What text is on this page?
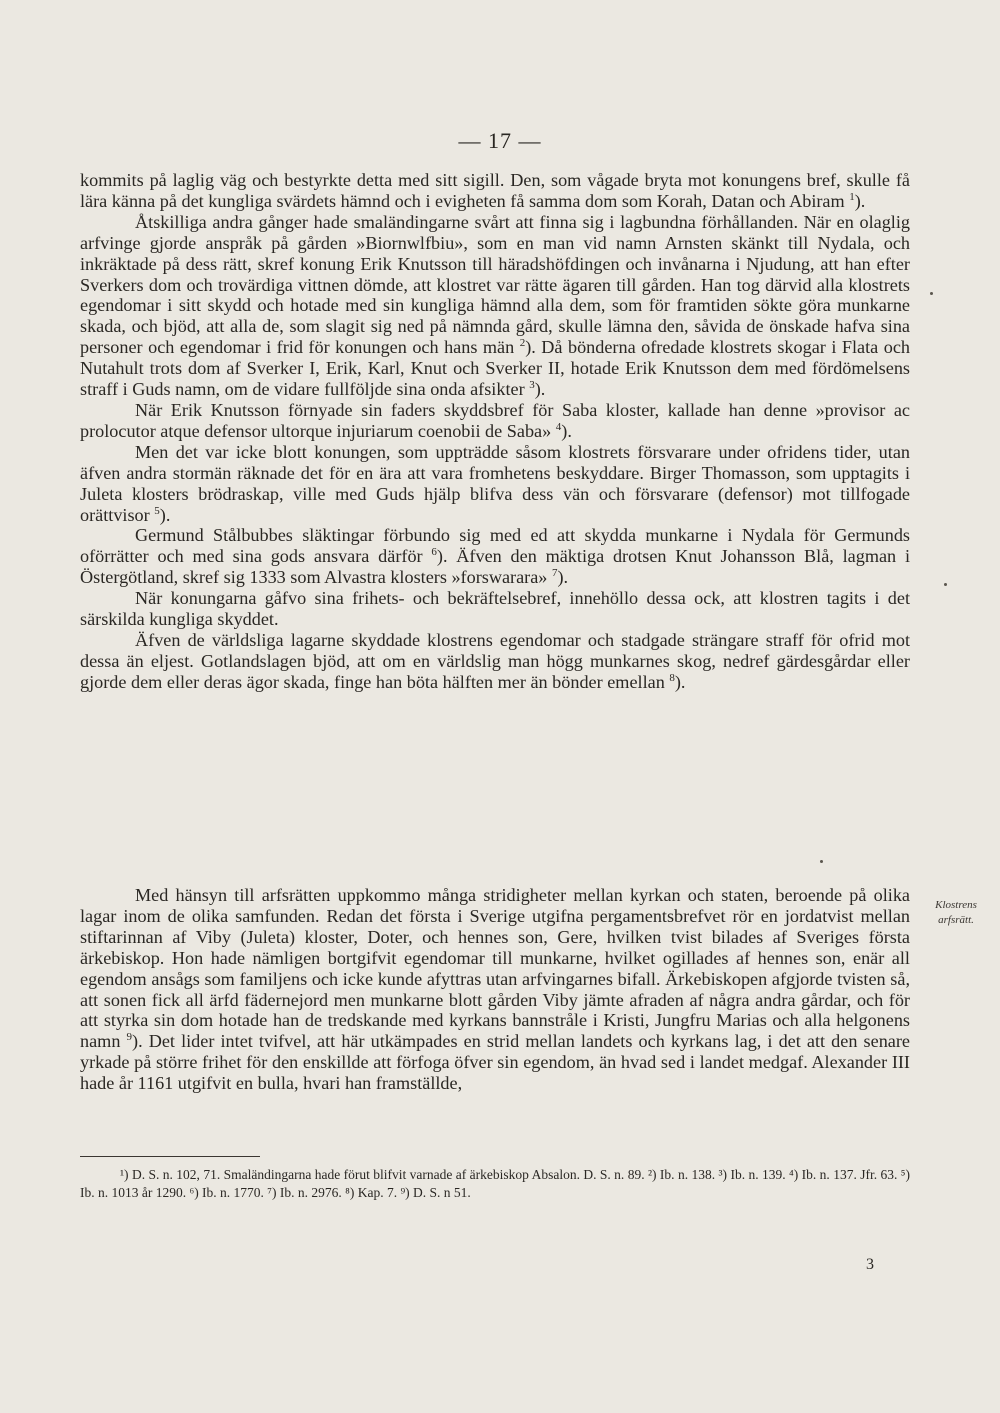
— 17 —

kommits på laglig väg och bestyrkte detta med sitt sigill. Den, som vågade bryta mot konungens bref, skulle få lära känna på det kungliga svärdets hämnd och i evigheten få samma dom som Korah, Datan och Abiram $^1$).

Åtskilliga andra gånger hade smaländingarne svårt att finna sig i lagbundna förhållanden. När en olaglig arfvinge gjorde anspråk på gården »Biornwlfbiu», som en man vid namn Arnsten skänkt till Nydala, och inkräktade på dess rätt, skref konung Erik Knutsson till häradshöfdingen och invånarna i Njudung, att han efter Sverkers dom och trovärdiga vittnen dömde, att klostret var rätte ägaren till gården. Han tog därvid alla klostrets egendomar i sitt skydd och hotade med sin kungliga hämnd alla dem, som för framtiden sökte göra munkarne skada, och bjöd, att alla de, som slagit sig ned på nämnda gård, skulle lämna den, såvida de önskade hafva sina personer och egendomar i frid för konungen och hans män $^2$). Då bönderna ofredade klostrets skogar i Flata och Nutahult trots dom af Sverker I, Erik, Karl, Knut och Sverker II, hotade Erik Knutsson dem med fördömelsens straff i Guds namn, om de vidare fullföljde sina onda afsikter $^3$).

När Erik Knutsson förnyade sin faders skyddsbref för Saba kloster, kallade han denne »provisor ac prolocutor atque defensor ultorque injuriarum coenobii de Saba» $^4$).

Men det var icke blott konungen, som uppträdde såsom klostrets försvarare under ofridens tider, utan äfven andra stormän räknade det för en ära att vara fromhetens beskyddare. Birger Thomasson, som upptagits i Juleta klosters brödraskap, ville med Guds hjälp blifva dess vän och försvarare (defensor) mot tillfogade orättvisor $^5$).

Germund Stålbubbes släktingar förbundo sig med ed att skydda munkarne i Nydala för Germunds oförrätter och med sina gods ansvara därför $^6$). Äfven den mäktiga drotsen Knut Johansson Blå, lagman i Östergötland, skref sig 1333 som Alvastra klosters »forswarara» $^7$).

När konungarna gåfvo sina frihets- och bekräftelsebref, innehöllo dessa ock, att klostren tagits i det särskilda kungliga skyddet.

Äfven de världsliga lagarne skyddade klostrens egendomar och stadgade strängare straff för ofrid mot dessa än eljest. Gotlandslagen bjöd, att om en världslig man högg munkarnes skog, nedref gärdesgårdar eller gjorde dem eller deras ägor skada, finge han böta hälften mer än bönder emellan $^8$).

Med hänsyn till arfsrätten uppkommo många stridigheter mellan kyrkan och staten, beroende på olika lagar inom de olika samfunden. Redan det första i Sverige utgifna pergamentsbrefvet rör en jordatvist mellan stiftarinnan af Viby (Juleta) kloster, Doter, och hennes son, Gere, hvilken tvist bilades af Sveriges första ärkebiskop. Hon hade nämligen bortgifvit egendomar till munkarne, hvilket ogillades af hennes son, enär all egendom ansågs som familjens och icke kunde afyttras utan arfvingarnes bifall. Ärkebiskopen afgjorde tvisten så, att sonen fick all ärfd fädernejord men munkarne blott gården Viby jämte afraden af några andra gårdar, och för att styrka sin dom hotade han de tredskande med kyrkans bannstråle i Kristi, Jungfru Marias och alla helgonens namn $^9$). Det lider intet tvifvel, att här utkämpades en strid mellan landets och kyrkans lag, i det att den senare yrkade på större frihet för den enskillde att förfoga öfver sin egendom, än hvad sed i landet medgaf. Alexander III hade år 1161 utgifvit en bulla, hvari han framställde,

Klostrens
arfsrätt.
¹) D. S. n. 102, 71. Smaländingarna hade förut blifvit varnade af ärkebiskop Absalon. D. S. n. 89. ²) Ib. n. 138. ³) Ib. n. 139. ⁴) Ib. n. 137. Jfr. 63. ⁵) Ib. n. 1013 år 1290. ⁶) Ib. n. 1770. ⁷) Ib. n. 2976. ⁸) Kap. 7. ⁹) D. S. n 51.
3
